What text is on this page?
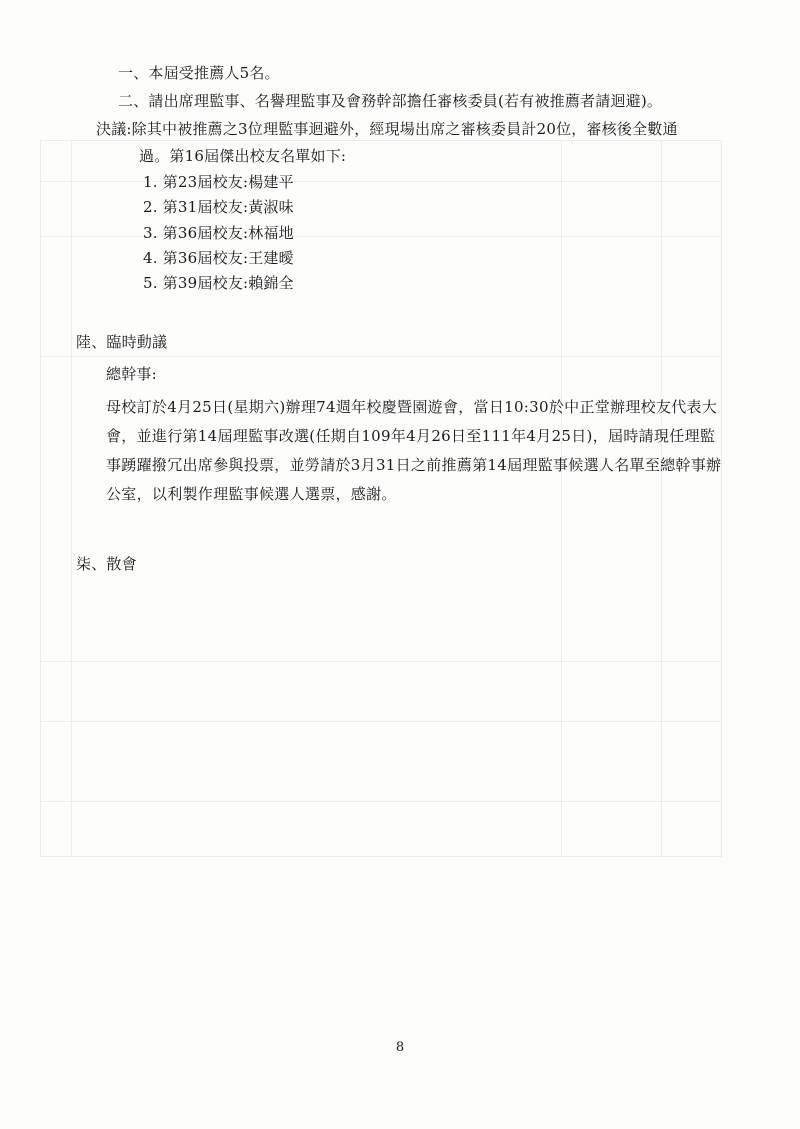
一、本屆受推薦人5名。
二、請出席理監事、名譽理監事及會務幹部擔任審核委員(若有被推薦者請迴避)。
決議:除其中被推薦之3位理監事迴避外，經現場出席之審核委員計20位，審核後全數通
過。第16屆傑出校友名單如下:
1. 第23屆校友:楊建平
2. 第31屆校友:黃淑味
3. 第36屆校友:林福地
4. 第36屆校友:王建曖
5. 第39屆校友:賴錦全
陸、臨時動議
總幹事:
母校訂於4月25日(星期六)辦理74週年校慶暨園遊會，當日10:30於中正堂辦理校友代表大會，並進行第14屆理監事改選(任期自109年4月26日至111年4月25日)，屆時請現任理監事踴躍撥冗出席參與投票，並勞請於3月31日之前推薦第14屆理監事候選人名單至總幹事辦公室，以利製作理監事候選人選票，感謝。
柒、散會
8
